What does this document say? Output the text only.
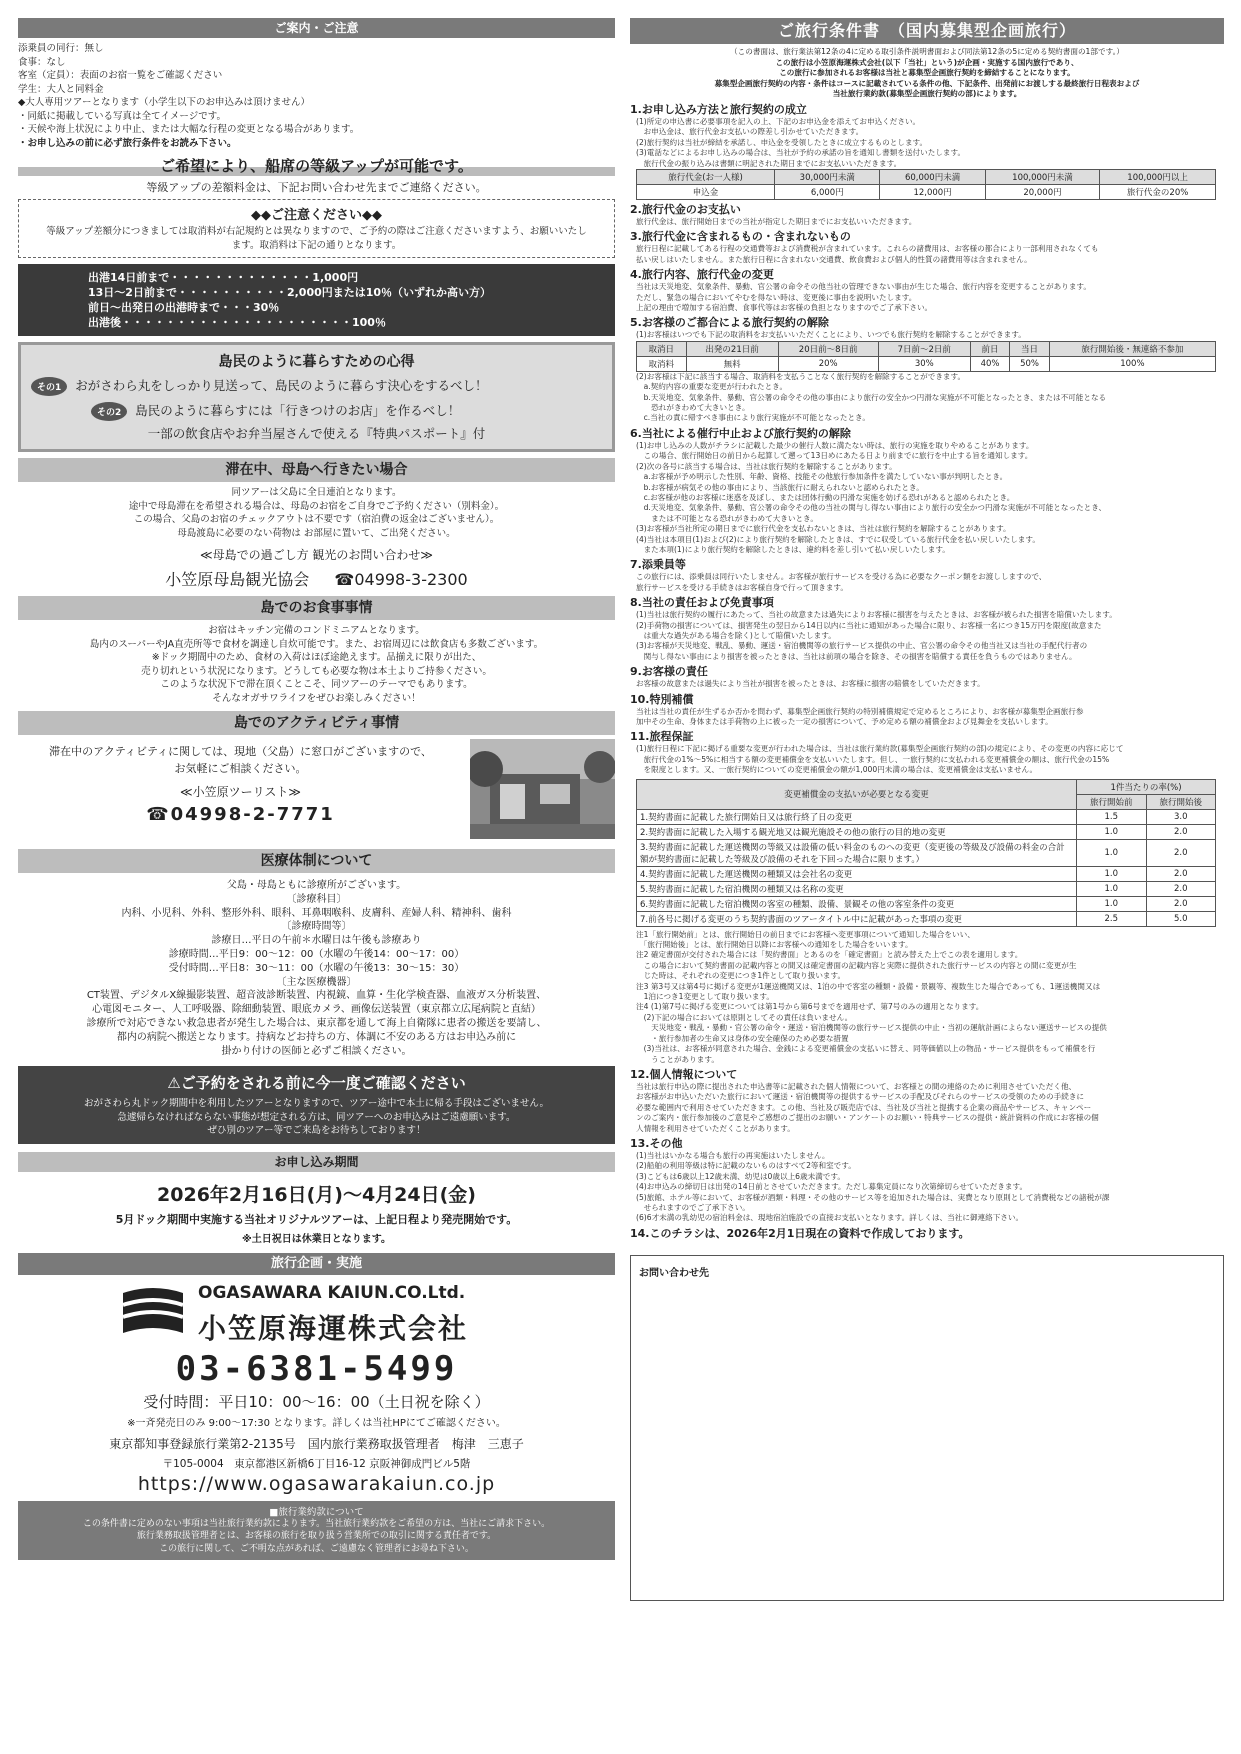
ご案内・ご注意
添乗員の同行：無し
食事：なし
客室（定員）：表面のお宿一覧をご確認ください
学生：大人と同料金
◆大人専用ツアーとなります（小学生以下のお申込みは頂けません）
・同紙に掲載している写真は全てイメージです。
・天候や海上状況により中止、または大幅な行程の変更となる場合があります。
・お申し込みの前に必ず旅行条件をお読み下さい。
ご希望により、船席の等級アップが可能です。
等級アップの差額料金は、下記お問い合わせ先までご連絡ください。
◆◆ご注意ください◆◆
等級アップ差額分につきましては取消料が右記規約とは異なりますので、ご予約の際はご注意くださいますよう、お願いいたします。取消料は下記の通りとなります。
出港14日前まで・・・・・・・・・・・・・1,000円
13日～2日前まで・・・・・・・・・・2,000円または10％（いずれか高い方）
前日～出発日の出港時まで・・・30％
出港後・・・・・・・・・・・・・・・・・・・・・100％
島民のように暮らすための心得
その1 おがさわら丸をしっかり見送って、島民のように暮らす決心をするべし！
その2 島民のように暮らすには「行きつけのお店」を作るべし！
一部の飲食店やお弁当屋さんで使える『特典パスポート』付
滞在中、母島へ行きたい場合
同ツアーは父島に全日連泊となります。
途中で母島滞在を希望される場合は、母島のお宿をご自身でご予約ください（別料金）。
この場合、父島のお宿のチェックアウトは不要です（宿泊費の返金はございません）。
母島渡島に必要のない荷物は お部屋に置いて、ご出発ください。
≪母島での過ごし方 観光のお問い合わせ≫
小笠原母島観光協会 ☎04998-3-2300
島でのお食事事情
お宿はキッチン完備のコンドミニアムとなります。
島内のスーパーやJA直売所等で食材を調達し自炊可能です。また、お宿周辺には飲食店も多数ございます。
※ドック期間中のため、食材の入荷はほぼ途絶えます。品揃えに限りが出た、
売り切れという状況になります。どうしても必要な物は本土よりご持参ください。
このような状況下で滞在頂くことこそ、同ツアーのテーマでもあります。
そんなオガサワライフをぜひお楽しみください！
島でのアクティビティ事情
滞在中のアクティビティに関しては、現地（父島）に窓口がございますので、
お気軽にご相談ください。
≪小笠原ツーリスト≫
☎04998-2-7771
医療体制について
父島・母島ともに診療所がございます。
〔診療科目〕
内科、小児科、外科、整形外科、眼科、耳鼻咽喉科、皮膚科、産婦人科、精神科、歯科
〔診療時間等〕
診療日…平日の午前＊水曜日は午後も診療あり
診療時間…平日9：00～12：00（水曜の午後14：00～17：00）
受付時間…平日8：30～11：00（水曜の午後13：30～15：30）
〔主な医療機器〕
CT装置、デジタルX線撮影装置、超音波診断装置、内視鏡、血算・生化学検査器、血液ガス分析装置、
心電図モニター、人工呼吸器、除細動装置、眼底カメラ、画像伝送装置（東京都立広尾病院と直結）
診療所で対応できない救急患者が発生した場合は、東京都を通して海上自衛隊に患者の搬送を要請し、
都内の病院へ搬送となります。持病などお持ちの方、体調に不安のある方はお申込み前に
掛かり付けの医師と必ずご相談ください。
⚠ご予約をされる前に今一度ご確認ください
おがさわら丸ドック期間中を利用したツアーとなりますので、ツアー途中で本土に帰る手段はございません。
急遽帰らなければならない事態が想定される方は、同ツアーへのお申込みはご遠慮願います。
ぜひ別のツアー等でご来島をお待ちしております！
お申し込み期間
2026年2月16日(月)～4月24日(金)
5月ドック期間中実施する当社オリジナルツアーは、上記日程より発売開始です。
※土日祝日は休業日となります。
旅行企画・実施
OGASAWARA KAIUN.CO.Ltd.
小笠原海運株式会社
03-6381-5499
受付時間：平日10：00～16：00（土日祝を除く）
※一斉発売日のみ 9:00～17:30 となります。詳しくは当社HPにてご確認ください。
東京都知事登録旅行業第2-2135号　国内旅行業務取扱管理者　梅津　三恵子
〒105-0004　東京都港区新橋6丁目16-12 京阪神御成門ビル5階
https://www.ogasawarakaiun.co.jp
■旅行業約款について
この条件書に定めのない事項は当社旅行業約款によります。当社旅行業約款をご希望の方は、当社にご請求下さい。
旅行業務取扱管理者とは、お客様の旅行を取り扱う営業所での取引に関する責任者です。
この旅行に関して、ご不明な点があれば、ご遠慮なく管理者にお尋ね下さい。
ご旅行条件書　（国内募集型企画旅行）
（この書面は、旅行業法第12条の4に定める取引条件説明書面および同法第12条の5に定める契約書面の1部です。）
この旅行は小笠原海運株式会社(以下「当社」という)が企画・実施する国内旅行であり、
この旅行に参加されるお客様は当社と募集型企画旅行契約を締結することになります。
募集型企画旅行契約の内容・条件はコースに記載されている条件の他、下記条件、出発前にお渡しする最終旅行日程表および
当社旅行業約款(募集型企画旅行契約の部)によります。
1.お申し込み方法と旅行契約の成立
(1)所定の申込書に必要事項を記入の上、下記のお申込金を添えてお申込ください。
　お申込金は、旅行代金お支払いの際差し引かせていただきます。
(2)旅行契約は当社が締結を承諾し、申込金を受領したときに成立するものとします。
(3)電話などによるお申し込みの場合は、当社が予約の承諾の旨を通知し書類を送付いたします。
　旅行代金の振り込みは書類に明記された期日までにお支払いいただきます。
旅行代金(お一人様)	30,000円未満	60,000円未満	100,000円未満	100,000円以上
申込金	6,000円	12,000円	20,000円	旅行代金の20%
2.旅行代金のお支払い
旅行代金は、旅行開始日までの当社が指定した期日までにお支払いいただきます。
3.旅行代金に含まれるもの・含まれないもの
旅行日程に記載してある行程の交通費等および消費税が含まれています。これらの諸費用は、お客様の都合により一部利用されなくても
払い戻しはいたしません。また旅行日程に含まれない交通費、飲食費および個人的性質の諸費用等は含まれません。
4.旅行内容、旅行代金の変更
当社は天災地変、気象条件、暴動、官公署の命令その他当社の管理できない事由が生じた場合、旅行内容を変更することがあります。
ただし、緊急の場合においてやむを得ない時は、変更後に事由を説明いたします。
上記の理由で増加する宿泊費、食事代等はお客様の負担となりますのでご了承下さい。
5.お客様のご都合による旅行契約の解除
(1)お客様はいつでも下記の取消料をお支払いいただくことにより、いつでも旅行契約を解除することができます。
取消日	出発の21日前	20日前～8日前	7日前～2日前	前日	当日	旅行開始後・無連絡不参加
取消料	無料	20%	30%	40%	50%	100%
(2)お客様は下記に該当する場合、取消料を支払うことなく旅行契約を解除することができます。
　a.契約内容の重要な変更が行われたとき。
　b.天災地変、気象条件、暴動、官公署の命令その他の事由により旅行の安全かつ円滑な実施が不可能となったとき、または不可能となる
　　恐れがきわめて大きいとき。
　c.当社の責に帰すべき事由により旅行実施が不可能となったとき。
6.当社による催行中止および旅行契約の解除
(1)お申し込みの人数がチラシに記載した最少の催行人数に満たない時は、旅行の実施を取りやめることがあります。
　この場合、旅行開始日の前日から起算して遡って13日めにあたる日より前までに旅行を中止する旨を通知します。
(2)次の各号に該当する場合は、当社は旅行契約を解除することがあります。
　a.お客様が予め明示した性別、年齢、資格、技能その他旅行参加条件を満たしていない事が判明したとき。
　b.お客様が病気その他の事由により、当該旅行に耐えられないと認められたとき。
　c.お客様が他のお客様に迷惑を及ぼし、または団体行動の円滑な実施を妨げる恐れがあると認められたとき。
　d.天災地変、気象条件、暴動、官公署の命令その他の当社の関与し得ない事由により旅行の安全かつ円滑な実施が不可能となったとき、
　　または不可能となる恐れがきわめて大きいとき。
(3)お客様が当社所定の期日までに旅行代金を支払わないときは、当社は旅行契約を解除することがあります。
(4)当社は本項目(1)および(2)により旅行契約を解除したときは、すでに収受している旅行代金を払い戻しいたします。
　また本項(1)により旅行契約を解除したときは、違約料を差し引いて払い戻しいたします。
7.添乗員等
この旅行には、添乗員は同行いたしません。お客様が旅行サービスを受ける為に必要なクーポン類をお渡ししますので、
旅行サービスを受ける手続きはお客様自身で行って頂きます。
8.当社の責任および免責事項
(1)当社は旅行契約の履行にあたって、当社の故意または過失によりお客様に損害を与えたときは、お客様が被られた損害を賠償いたします。
(2)手荷物の損害については、損害発生の翌日から14日以内に当社に通知があった場合に限り、お客様一名につき15万円を限度(故意また
　は重大な過失がある場合を除く)として賠償いたします。
(3)お客様が天災地変、戦乱、暴動、運送・宿泊機関等の旅行サービス提供の中止、官公署の命令その他当社又は当社の手配代行者の
　関与し得ない事由により損害を被ったときは、当社は前項の場合を除き、その損害を賠償する責任を負うものではありません。
9.お客様の責任
お客様の故意または過失により当社が損害を被ったときは、お客様に損害の賠償をしていただきます。
10.特別補償
当社は当社の責任が生ずるか否かを問わず、募集型企画旅行契約の特別補償規定で定めるところにより、お客様が募集型企画旅行参
加中その生命、身体または手荷物の上に被った一定の損害について、予め定める額の補償金および見舞金を支払いします。
11.旅程保証
(1)旅行日程に下記に掲げる重要な変更が行われた場合は、当社は旅行業約款(募集型企画旅行契約の部)の規定により、その変更の内容に応じて
　旅行代金の1%～5%に相当する額の変更補償金を支払いいたします。但し、一旅行契約に支払われる変更補償金の額は、旅行代金の15%
　を限度とします。又、一旅行契約についての変更補償金の額が1,000円未満の場合は、変更補償金は支払いません。
変更補償金の支払いが必要となる変更	1件当たりの率(%)	
	旅行開始前	旅行開始後
1.契約書面に記載した旅行開始日又は旅行終了日の変更	1.5	3.0
2.契約書面に記載した入場する観光地又は観光施設その他の旅行の目的地の変更	1.0	2.0
3.契約書面に記載した運送機関の等級又は設備の低い料金のものへの変更（変更後の等級及び設備の料金の合計額が契約書面に記載した等級及び設備のそれを下回った場合に限ります。）	1.0	2.0
4.契約書面に記載した運送機関の種類又は会社名の変更	1.0	2.0
5.契約書面に記載した宿泊機関の種類又は名称の変更	1.0	2.0
6.契約書面に記載した宿泊機関の客室の種類、設備、景観その他の客室条件の変更	1.0	2.0
7.前各号に掲げる変更のうち契約書面のツアータイトル中に記載があった事項の変更	2.5	5.0
注1「旅行開始前」とは、旅行開始日の前日までにお客様へ変更事項について通知した場合をいい、
　「旅行開始後」とは、旅行開始日以降にお客様への通知をした場合をいいます。
注2 確定書面が交付された場合には「契約書面」とあるのを「確定書面」と読み替えた上でこの表を適用します。
　この場合において契約書面の記載内容との間又は確定書面の記載内容と実際に提供された旅行サービスの内容との間に変更が生
　じた時は、それぞれの変更につき1件として取り扱います。
注3 第3号又は第4号に掲げる変更が1運送機関又は、1泊の中で客室の種類・設備・景観等、複数生じた場合であっても、1運送機関又は
　1泊につき1変更として取り扱います。
注4 (1)第7号に掲げる変更については第1号から第6号までを適用せず、第7号のみの適用となります。
　(2)下記の場合においては原則としてその責任は負いません。
　　天災地変・戦乱・暴動・官公署の命令・運送・宿泊機関等の旅行サービス提供の中止・当初の運航計画によらない運送サービスの提供
　　・旅行参加者の生命又は身体の安全確保のため必要な措置
　(3)当社は、お客様が同意された場合、金銭による変更補償金の支払いに替え、同等価値以上の物品・サービス提供をもって補償を行
　　うことがあります。
12.個人情報について
当社は旅行申込の際に提出された申込書等に記載された個人情報について、お客様との間の連絡のために利用させていただく他、
お客様がお申込いただいた旅行において運送・宿泊機関等の提供するサービスの手配及びそれらのサービスの受領のための手続きに
必要な範囲内で利用させていただきます。この他、当社及び販売店では、当社及び当社と提携する企業の商品やサービス、キャンペー
ンのご案内・旅行参加後のご意見やご感想のご提出のお願い・アンケートのお願い・特典サービスの提供・統計資料の作成にお客様の個
人情報を利用させていただくことがあります。
13.その他
(1)当社はいかなる場合も旅行の再実施はいたしません。
(2)船舶の利用等級は特に記載のないものはすべて2等和室です。
(3)こどもは6歳以上12歳未満、幼児は0歳以上6歳未満です。
(4)お申込みの締切日は出発の14日前とさせていただきます。ただし募集定員になり次第締切らせていただきます。
(5)旅館、ホテル等において、お客様が酒類・料理・その他のサービス等を追加された場合は、実費となり原則として消費税などの諸税が課
　せられますのでご了承下さい。
(6)6才未満の乳幼児の宿泊料金は、現地宿泊施設での直接お支払いとなります。詳しくは、当社に御連絡下さい。
14.このチラシは、2026年2月1日現在の資料で作成しております。
お問い合わせ先
